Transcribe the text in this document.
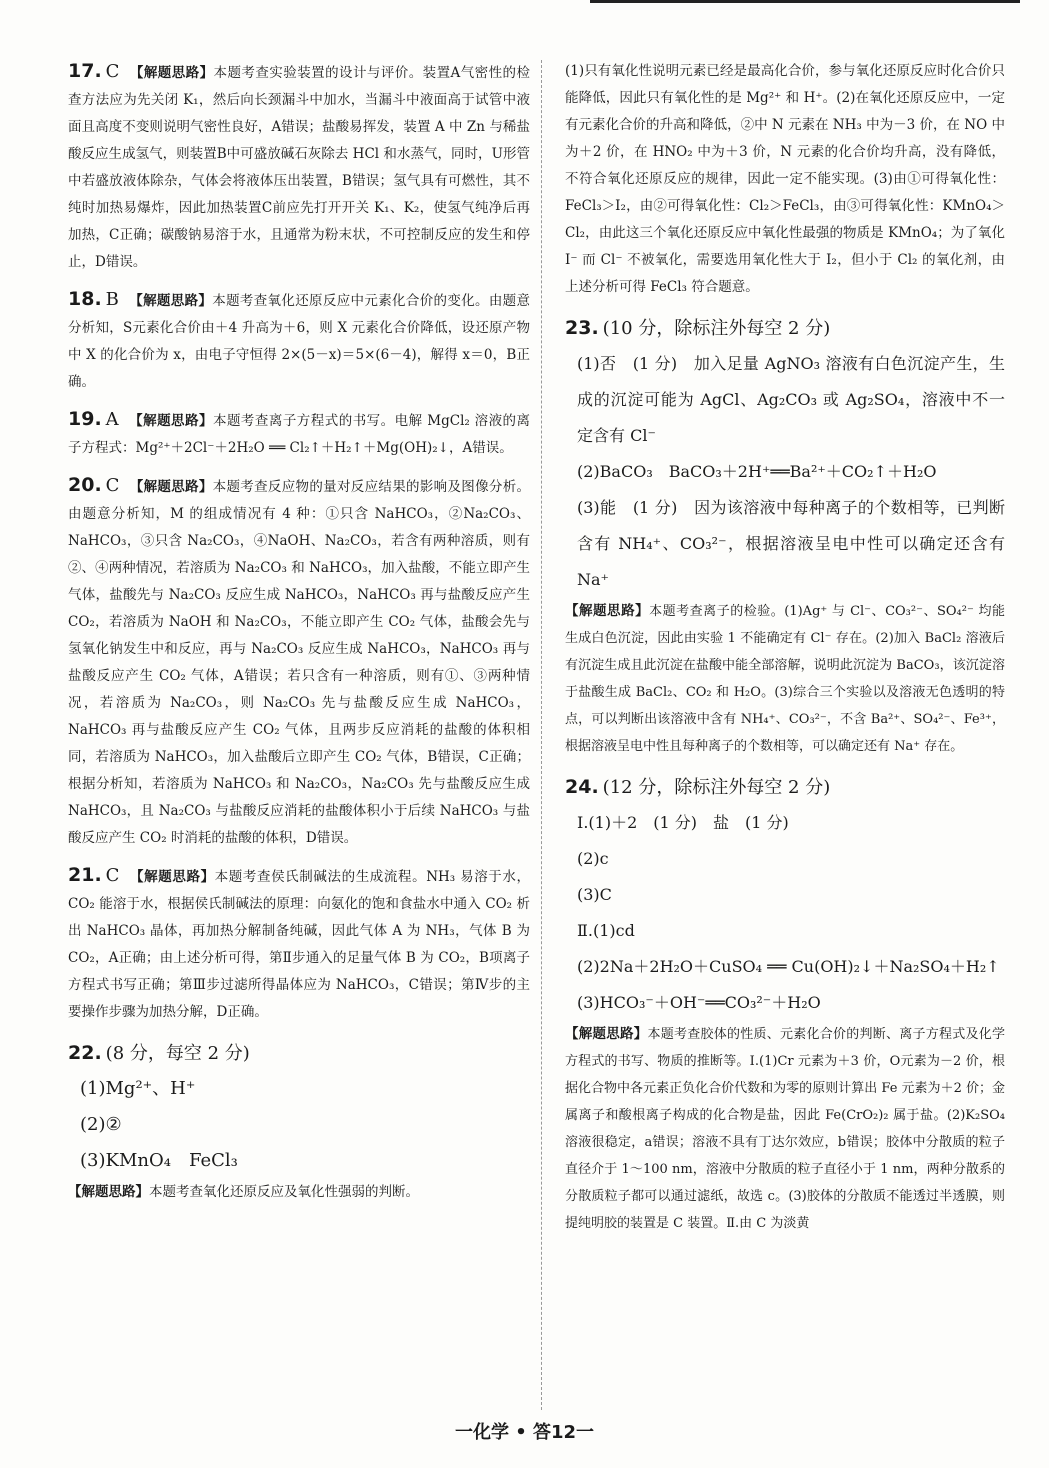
17. C 【解题思路】本题考查实验装置的设计与评价。装置A气密性的检查方法应为先关闭 K₁，然后向长颈漏斗中加水，当漏斗中液面高于试管中液面且高度不变则说明气密性良好，A错误；盐酸易挥发，装置 A 中 Zn 与稀盐酸反应生成氢气，则装置B中可盛放碱石灰除去 HCl 和水蒸气，同时，U形管中若盛放液体除杂，气体会将液体压出装置，B错误；氢气具有可燃性，其不纯时加热易爆炸，因此加热装置C前应先打开开关 K₁、K₂，使氢气纯净后再加热，C正确；碳酸钠易溶于水，且通常为粉末状，不可控制反应的发生和停止，D错误。

18. B 【解题思路】本题考查氧化还原反应中元素化合价的变化。由题意分析知，S元素化合价由＋4 升高为＋6，则 X 元素化合价降低，设还原产物中 X 的化合价为 x，由电子守恒得 2×(5－x)＝5×(6－4)，解得 x＝0，B正确。

19. A 【解题思路】本题考查离子方程式的书写。电解 MgCl₂ 溶液的离子方程式：Mg²⁺＋2Cl⁻＋2H₂O ══ Cl₂↑＋H₂↑＋Mg(OH)₂↓，A错误。

20. C 【解题思路】本题考查反应物的量对反应结果的影响及图像分析。由题意分析知，M 的组成情况有 4 种：①只含 NaHCO₃，②Na₂CO₃、NaHCO₃，③只含 Na₂CO₃，④NaOH、Na₂CO₃，若含有两种溶质，则有②、④两种情况，若溶质为 Na₂CO₃ 和 NaHCO₃，加入盐酸，不能立即产生气体，盐酸先与 Na₂CO₃ 反应生成 NaHCO₃，NaHCO₃ 再与盐酸反应产生 CO₂，若溶质为 NaOH 和 Na₂CO₃，不能立即产生 CO₂ 气体，盐酸会先与氢氧化钠发生中和反应，再与 Na₂CO₃ 反应生成 NaHCO₃，NaHCO₃ 再与盐酸反应产生 CO₂ 气体，A错误；若只含有一种溶质，则有①、③两种情况，若溶质为 Na₂CO₃，则 Na₂CO₃ 先与盐酸反应生成 NaHCO₃，NaHCO₃ 再与盐酸反应产生 CO₂ 气体，且两步反应消耗的盐酸的体积相同，若溶质为 NaHCO₃，加入盐酸后立即产生 CO₂ 气体，B错误，C正确；根据分析知，若溶质为 NaHCO₃ 和 Na₂CO₃，Na₂CO₃ 先与盐酸反应生成 NaHCO₃，且 Na₂CO₃ 与盐酸反应消耗的盐酸体积小于后续 NaHCO₃ 与盐酸反应产生 CO₂ 时消耗的盐酸的体积，D错误。

21. C 【解题思路】本题考查侯氏制碱法的生成流程。NH₃ 易溶于水，CO₂ 能溶于水，根据侯氏制碱法的原理：向氨化的饱和食盐水中通入 CO₂ 析出 NaHCO₃ 晶体，再加热分解制备纯碱，因此气体 A 为 NH₃，气体 B 为 CO₂，A正确；由上述分析可得，第Ⅱ步通入的足量气体 B 为 CO₂，B项离子方程式书写正确；第Ⅲ步过滤所得晶体应为 NaHCO₃，C错误；第Ⅳ步的主要操作步骤为加热分解，D正确。

22. (8 分，每空 2 分)

(1)Mg²⁺、H⁺

(2)②

(3)KMnO₄　FeCl₃

【解题思路】本题考查氧化还原反应及氧化性强弱的判断。

(1)只有氧化性说明元素已经是最高化合价，参与氧化还原反应时化合价只能降低，因此只有氧化性的是 Mg²⁺ 和 H⁺。(2)在氧化还原反应中，一定有元素化合价的升高和降低，②中 N 元素在 NH₃ 中为－3 价，在 NO 中为＋2 价，在 HNO₂ 中为＋3 价，N 元素的化合价均升高，没有降低，不符合氧化还原反应的规律，因此一定不能实现。(3)由①可得氧化性：FeCl₃＞I₂，由②可得氧化性：Cl₂＞FeCl₃，由③可得氧化性：KMnO₄＞Cl₂，由此这三个氧化还原反应中氧化性最强的物质是 KMnO₄；为了氧化 I⁻ 而 Cl⁻ 不被氧化，需要选用氧化性大于 I₂，但小于 Cl₂ 的氧化剂，由上述分析可得 FeCl₃ 符合题意。

23. (10 分，除标注外每空 2 分)

(1)否　(1 分)　加入足量 AgNO₃ 溶液有白色沉淀产生，生成的沉淀可能为 AgCl、Ag₂CO₃ 或 Ag₂SO₄，溶液中不一定含有 Cl⁻

(2)BaCO₃　BaCO₃＋2H⁺══Ba²⁺＋CO₂↑＋H₂O

(3)能　(1 分)　因为该溶液中每种离子的个数相等，已判断含有 NH₄⁺、CO₃²⁻，根据溶液呈电中性可以确定还含有 Na⁺

【解题思路】本题考查离子的检验。(1)Ag⁺ 与 Cl⁻、CO₃²⁻、SO₄²⁻ 均能生成白色沉淀，因此由实验 1 不能确定有 Cl⁻ 存在。(2)加入 BaCl₂ 溶液后有沉淀生成且此沉淀在盐酸中能全部溶解，说明此沉淀为 BaCO₃，该沉淀溶于盐酸生成 BaCl₂、CO₂ 和 H₂O。(3)综合三个实验以及溶液无色透明的特点，可以判断出该溶液中含有 NH₄⁺、CO₃²⁻，不含 Ba²⁺、SO₄²⁻、Fe³⁺，根据溶液呈电中性且每种离子的个数相等，可以确定还有 Na⁺ 存在。

24. (12 分，除标注外每空 2 分)

Ⅰ.(1)＋2　(1 分)　盐　(1 分)

(2)c

(3)C

Ⅱ.(1)cd

(2)2Na＋2H₂O＋CuSO₄ ══ Cu(OH)₂↓＋Na₂SO₄＋H₂↑

(3)HCO₃⁻＋OH⁻══CO₃²⁻＋H₂O

【解题思路】本题考查胶体的性质、元素化合价的判断、离子方程式及化学方程式的书写、物质的推断等。Ⅰ.(1)Cr 元素为＋3 价，O元素为－2 价，根据化合物中各元素正负化合价代数和为零的原则计算出 Fe 元素为＋2 价；金属离子和酸根离子构成的化合物是盐，因此 Fe(CrO₂)₂ 属于盐。(2)K₂SO₄ 溶液很稳定，a错误；溶液不具有丁达尔效应，b错误；胶体中分散质的粒子直径介于 1～100 nm，溶液中分散质的粒子直径小于 1 nm，两种分散系的分散质粒子都可以通过滤纸，故选 c。(3)胶体的分散质不能透过半透膜，则提纯明胶的装置是 C 装置。Ⅱ.由 C 为淡黄

一化学 • 答12一
